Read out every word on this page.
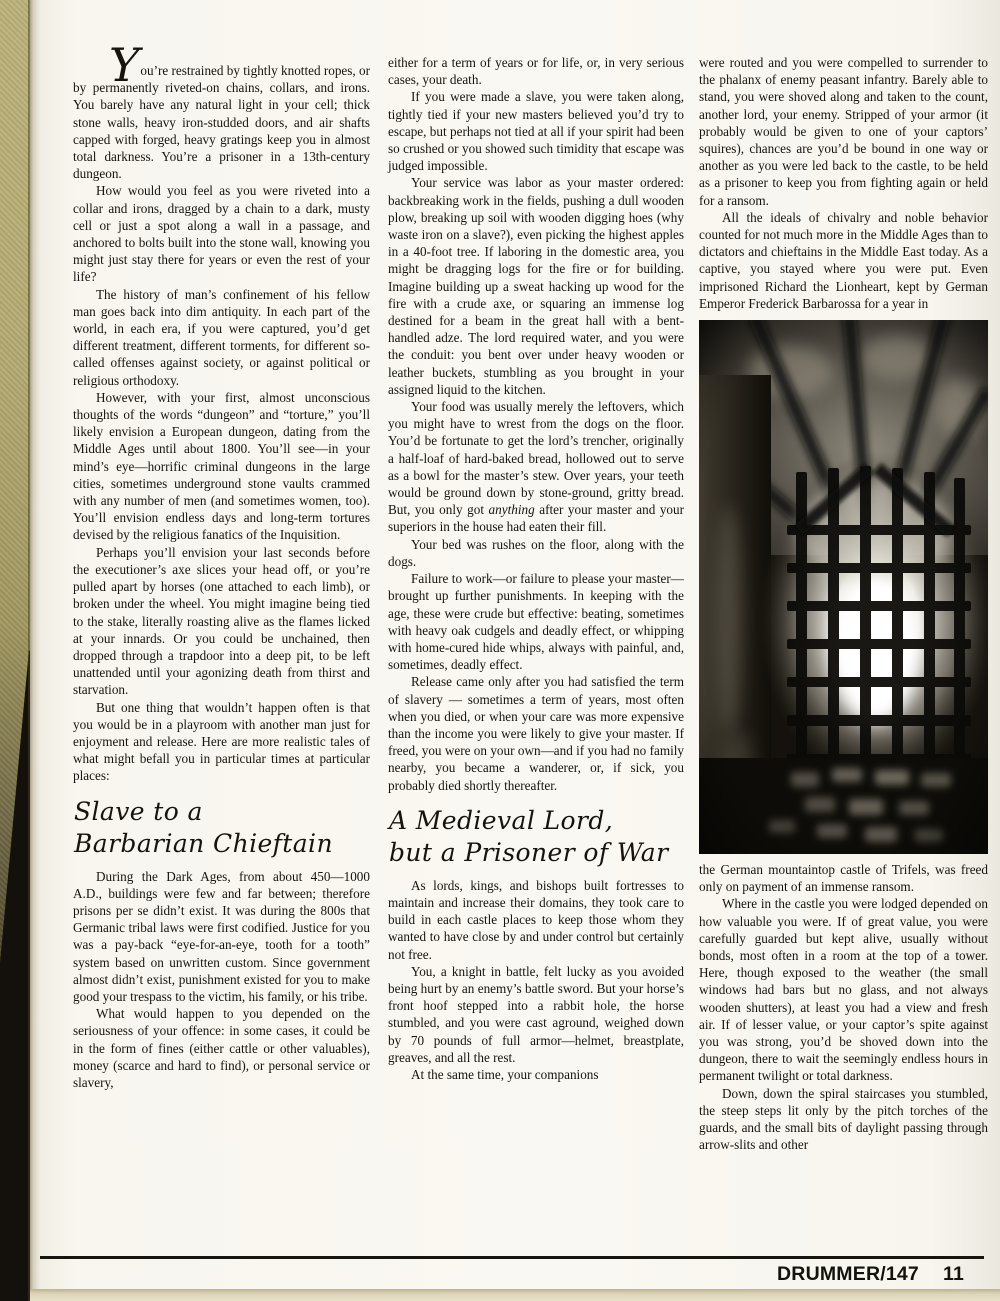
You’re restrained by tightly knotted ropes, or by permanently riveted-on chains, collars, and irons. You barely have any natural light in your cell; thick stone walls, heavy iron-studded doors, and air shafts capped with forged, heavy gratings keep you in almost total darkness. You’re a prisoner in a 13th-century dungeon.

How would you feel as you were riveted into a collar and irons, dragged by a chain to a dark, musty cell or just a spot along a wall in a passage, and anchored to bolts built into the stone wall, knowing you might just stay there for years or even the rest of your life?

The history of man’s confinement of his fellow man goes back into dim antiquity. In each part of the world, in each era, if you were captured, you’d get different treatment, different torments, for different so-called offenses against society, or against political or religious orthodoxy.

However, with your first, almost unconscious thoughts of the words “dungeon” and “torture,” you’ll likely envision a European dungeon, dating from the Middle Ages until about 1800. You’ll see—in your mind’s eye—horrific criminal dungeons in the large cities, sometimes underground stone vaults crammed with any number of men (and sometimes women, too). You’ll envision endless days and long-term tortures devised by the religious fanatics of the Inquisition.

Perhaps you’ll envision your last seconds before the executioner’s axe slices your head off, or you’re pulled apart by horses (one attached to each limb), or broken under the wheel. You might imagine being tied to the stake, literally roasting alive as the flames licked at your innards. Or you could be unchained, then dropped through a trapdoor into a deep pit, to be left unattended until your agonizing death from thirst and starvation.

But one thing that wouldn’t happen often is that you would be in a playroom with another man just for enjoyment and release. Here are more realistic tales of what might befall you in particular times at particular places:

Slave to a
Barbarian Chieftain

During the Dark Ages, from about 450—1000 A.D., buildings were few and far between; therefore prisons per se didn’t exist. It was during the 800s that Germanic tribal laws were first codified. Justice for you was a pay-back “eye-for-an-eye, tooth for a tooth” system based on unwritten custom. Since government almost didn’t exist, punishment existed for you to make good your trespass to the victim, his family, or his tribe.

What would happen to you depended on the seriousness of your offence: in some cases, it could be in the form of fines (either cattle or other valuables), money (scarce and hard to find), or personal service or slavery,

either for a term of years or for life, or, in very serious cases, your death.

If you were made a slave, you were taken along, tightly tied if your new masters believed you’d try to escape, but perhaps not tied at all if your spirit had been so crushed or you showed such timidity that escape was judged impossible.

Your service was labor as your master ordered: backbreaking work in the fields, pushing a dull wooden plow, breaking up soil with wooden digging hoes (why waste iron on a slave?), even picking the highest apples in a 40-foot tree. If laboring in the domestic area, you might be dragging logs for the fire or for building. Imagine building up a sweat hacking up wood for the fire with a crude axe, or squaring an immense log destined for a beam in the great hall with a bent-handled adze. The lord required water, and you were the conduit: you bent over under heavy wooden or leather buckets, stumbling as you brought in your assigned liquid to the kitchen.

Your food was usually merely the leftovers, which you might have to wrest from the dogs on the floor. You’d be fortunate to get the lord’s trencher, originally a half-loaf of hard-baked bread, hollowed out to serve as a bowl for the master’s stew. Over years, your teeth would be ground down by stone-ground, gritty bread. But, you only got anything after your master and your superiors in the house had eaten their fill.

Your bed was rushes on the floor, along with the dogs.

Failure to work—or failure to please your master—brought up further punishments. In keeping with the age, these were crude but effective: beating, sometimes with heavy oak cudgels and deadly effect, or whipping with home-cured hide whips, always with painful, and, sometimes, deadly effect.

Release came only after you had satisfied the term of slavery — sometimes a term of years, most often when you died, or when your care was more expensive than the income you were likely to give your master. If freed, you were on your own—and if you had no family nearby, you became a wanderer, or, if sick, you probably died shortly thereafter.

A Medieval Lord,
but a Prisoner of War

As lords, kings, and bishops built fortresses to maintain and increase their domains, they took care to build in each castle places to keep those whom they wanted to have close by and under control but certainly not free.

You, a knight in battle, felt lucky as you avoided being hurt by an enemy’s battle sword. But your horse’s front hoof stepped into a rabbit hole, the horse stumbled, and you were cast aground, weighed down by 70 pounds of full armor—helmet, breastplate, greaves, and all the rest.

At the same time, your companions

were routed and you were compelled to surrender to the phalanx of enemy peasant infantry. Barely able to stand, you were shoved along and taken to the count, another lord, your enemy. Stripped of your armor (it probably would be given to one of your captors’ squires), chances are you’d be bound in one way or another as you were led back to the castle, to be held as a prisoner to keep you from fighting again or held for a ransom.

All the ideals of chivalry and noble behavior counted for not much more in the Middle Ages than to dictators and chieftains in the Middle East today. As a captive, you stayed where you were put. Even imprisoned Richard the Lionheart, kept by German Emperor Frederick Barbarossa for a year in

the German mountaintop castle of Trifels, was freed only on payment of an immense ransom.

Where in the castle you were lodged depended on how valuable you were. If of great value, you were carefully guarded but kept alive, usually without bonds, most often in a room at the top of a tower. Here, though exposed to the weather (the small windows had bars but no glass, and not always wooden shutters), at least you had a view and fresh air. If of lesser value, or your captor’s spite against you was strong, you’d be shoved down into the dungeon, there to wait the seemingly endless hours in permanent twilight or total darkness.

Down, down the spiral staircases you stumbled, the steep steps lit only by the pitch torches of the guards, and the small bits of daylight passing through arrow-slits and other

DRUMMER/147 11
